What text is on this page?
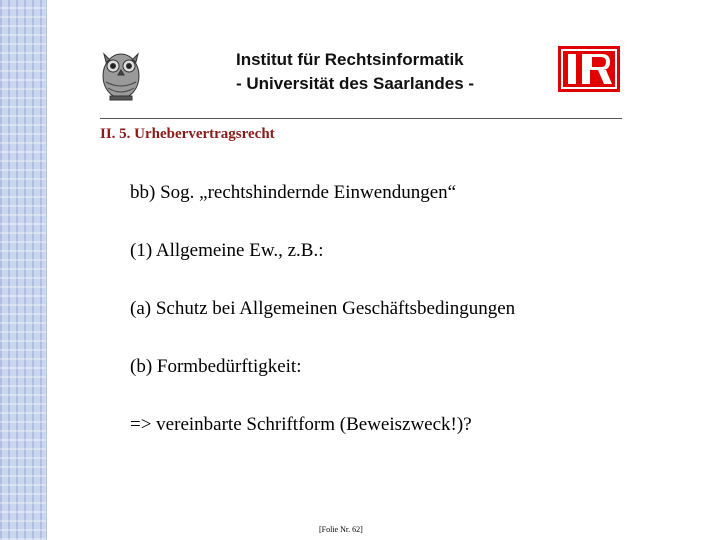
Institut für Rechtsinformatik
- Universität des Saarlandes -
II. 5. Urhebervertragsrecht
bb) Sog. „rechtshindernde Einwendungen“
(1) Allgemeine Ew., z.B.:
(a) Schutz bei Allgemeinen Geschäftsbedingungen
(b) Formbedürftigkeit:
=> vereinbarte Schriftform (Beweiszweck!)?
[Folie Nr. 62]
